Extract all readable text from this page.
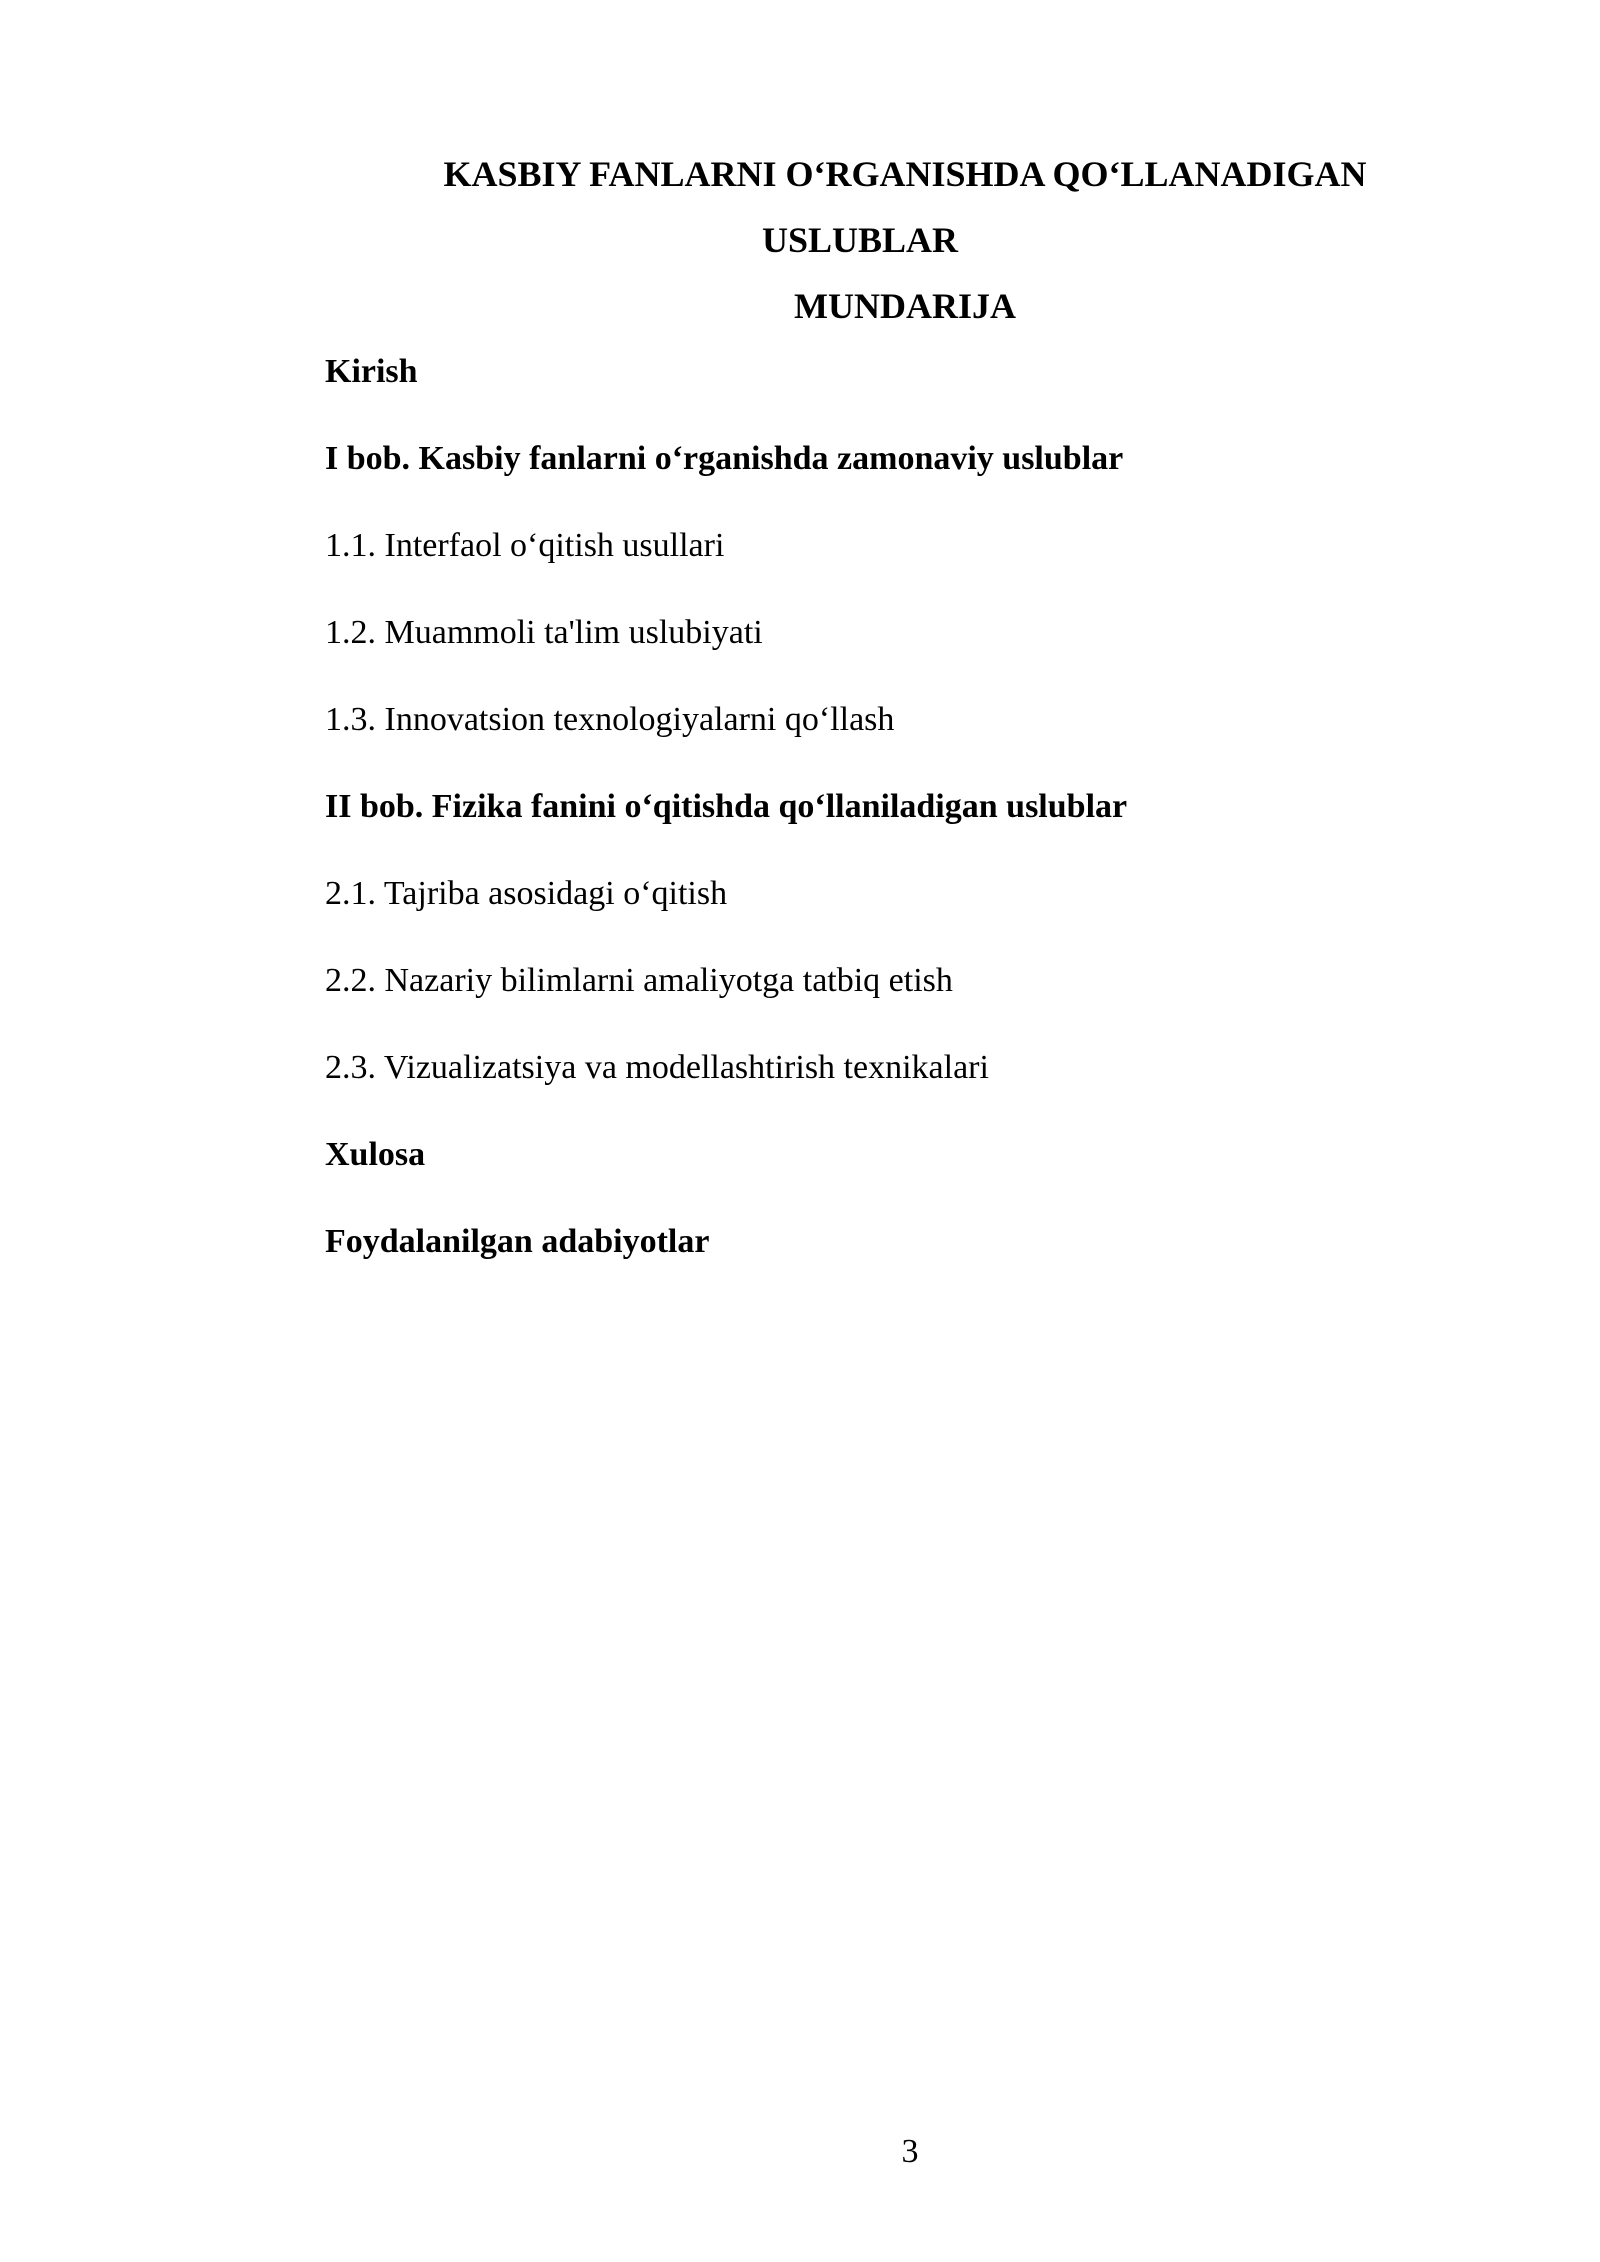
KASBIY FANLARNI O‘RGANISHDA QO‘LLANADIGAN
USLUBLAR
MUNDARIJA
Kirish
I bob. Kasbiy fanlarni o‘rganishda zamonaviy uslublar
1.1. Interfaol o‘qitish usullari
1.2. Muammoli ta'lim uslubiyati
1.3. Innovatsion texnologiyalarni qo‘llash
II bob. Fizika fanini o‘qitishda qo‘llaniladigan uslublar
2.1. Tajriba asosidagi o‘qitish
2.2. Nazariy bilimlarni amaliyotga tatbiq etish
2.3. Vizualizatsiya va modellashtirish texnikalari
Xulosa
Foydalanilgan adabiyotlar
3
